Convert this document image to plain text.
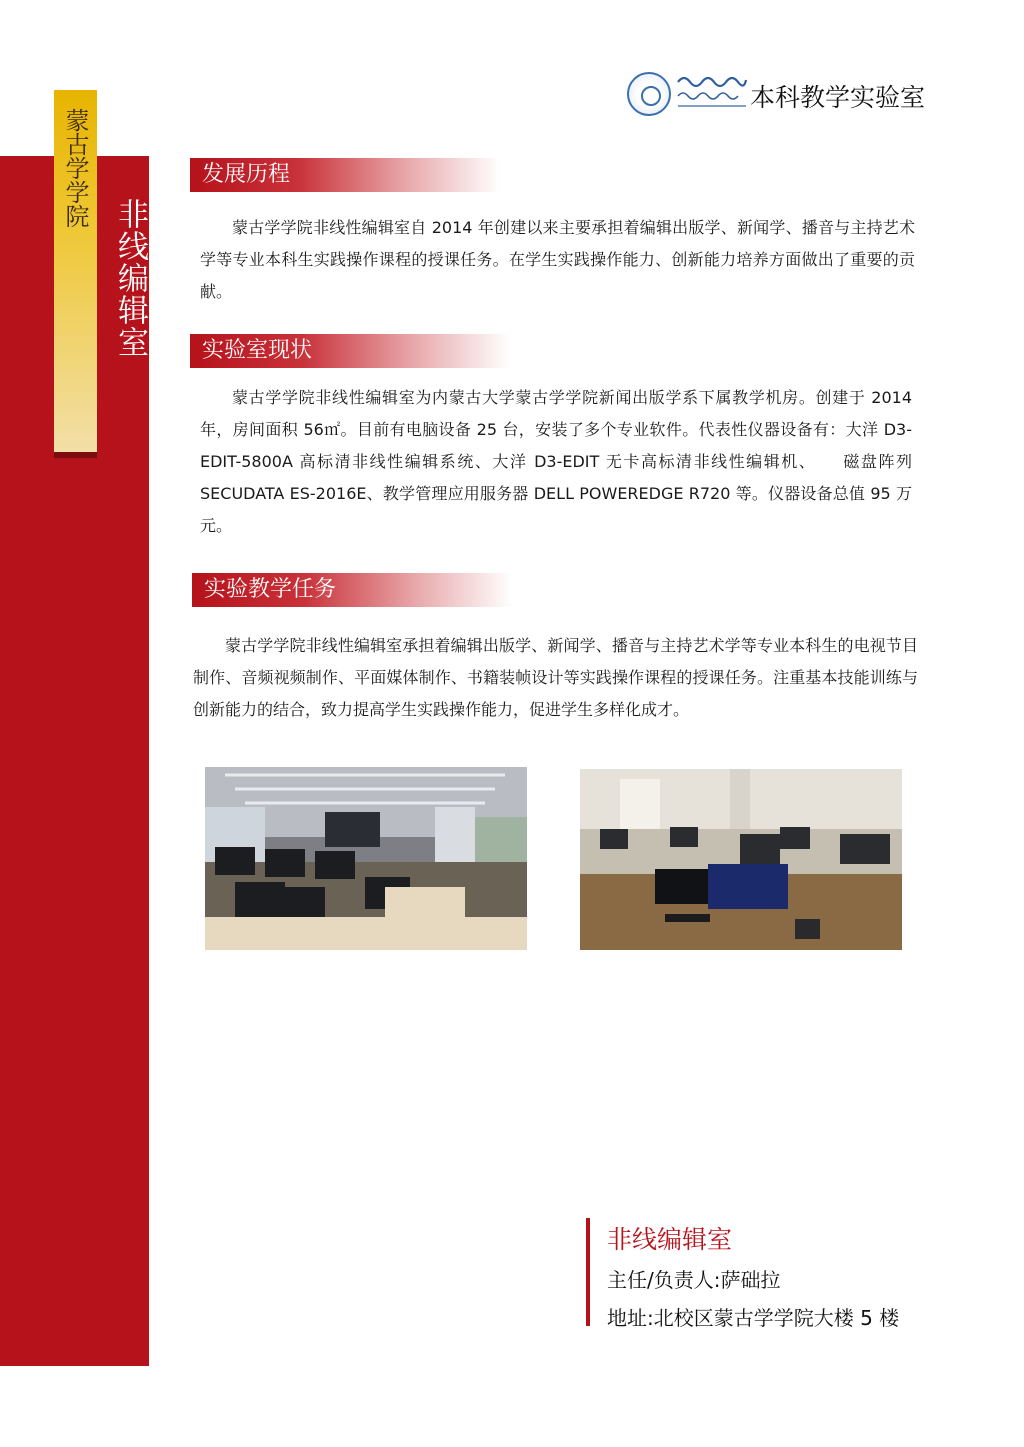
蒙古学学院
非线编辑室
本科教学实验室
发展历程

蒙古学学院非线性编辑室自 2014 年创建以来主要承担着编辑出版学、新闻学、播音与主持艺术学等专业本科生实践操作课程的授课任务。在学生实践操作能力、创新能力培养方面做出了重要的贡献。

实验室现状

蒙古学学院非线性编辑室为内蒙古大学蒙古学学院新闻出版学系下属教学机房。创建于 2014 年，房间面积 56㎡。目前有电脑设备 25 台，安装了多个专业软件。代表性仪器设备有：大洋 D3-EDIT-5800A 高标清非线性编辑系统、大洋 D3-EDIT 无卡高标清非线性编辑机、　　磁盘阵列 SECUDATA ES-2016E、教学管理应用服务器 DELL POWEREDGE R720 等。仪器设备总值 95 万元。

实验教学任务

蒙古学学院非线性编辑室承担着编辑出版学、新闻学、播音与主持艺术学等专业本科生的电视节目制作、音频视频制作、平面媒体制作、书籍装帧设计等实践操作课程的授课任务。注重基本技能训练与创新能力的结合，致力提高学生实践操作能力，促进学生多样化成才。

非线编辑室
主任/负责人:萨础拉
地址:北校区蒙古学学院大楼 5 楼
